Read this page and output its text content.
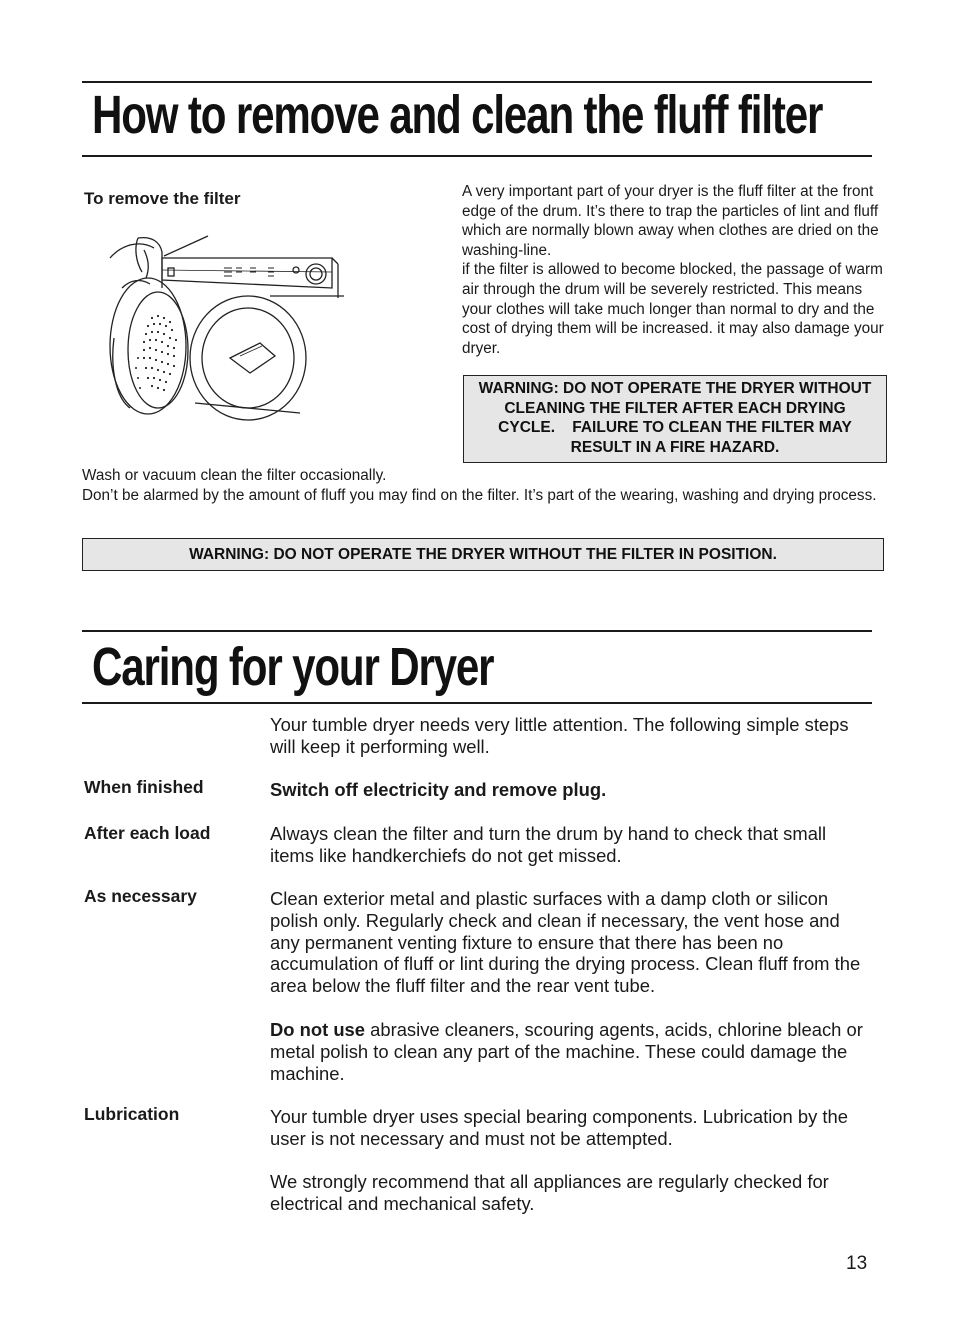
How to remove and clean the fluff filter
To remove the filter	A very important part of your dryer is the fluff filter at the front edge of the drum. It’s there to trap the particles of lint and fluff which are normally blown away when clothes are dried on the washing-line.
if the filter is allowed to become blocked, the passage of warm air through the drum will be severely restricted. This means your clothes will take much longer than normal to dry and the cost of drying them will be increased. it may also damage your dryer.
WARNING: DO NOT OPERATE THE DRYER WITHOUT CLEANING THE FILTER AFTER EACH DRYING CYCLE.    FAILURE TO CLEAN THE FILTER MAY RESULT IN A FIRE HAZARD.
Wash or vacuum clean the filter occasionally.
Don’t be alarmed by the amount of fluff you may find on the filter. It’s part of the wearing, washing and drying process.
WARNING: DO NOT OPERATE THE DRYER WITHOUT THE FILTER IN POSITION.
Caring for your Dryer
Your tumble dryer needs very little attention. The following simple steps will keep it performing well.
When finished	Switch off electricity and remove plug.
After each load	Always clean the filter and turn the drum by hand to check that small items like handkerchiefs do not get missed.
As necessary	Clean exterior metal and plastic surfaces with a damp cloth or silicon polish only. Regularly check and clean if necessary, the vent hose and any permanent venting fixture to ensure that there has been no accumulation of fluff or lint during the drying process. Clean fluff from the area below the fluff filter and the rear vent tube.
Do not use abrasive cleaners, scouring agents, acids, chlorine bleach or metal polish to clean any part of the machine. These could damage the machine.
Lubrication	Your tumble dryer uses special bearing components. Lubrication by the user is not necessary and must not be attempted.
We strongly recommend that all appliances are regularly checked for electrical and mechanical safety.
13
